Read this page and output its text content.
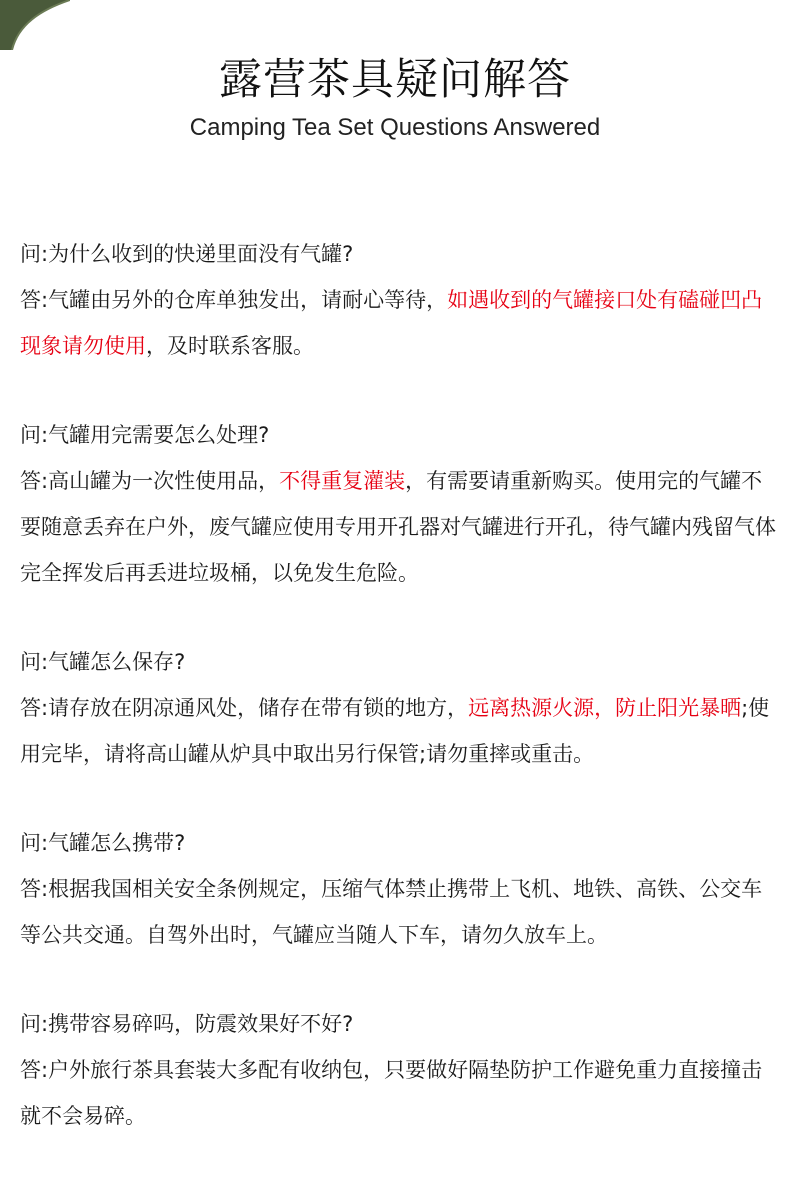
露营茶具疑问解答
Camping Tea Set Questions Answered

问:为什么收到的快递里面没有气罐?

答:气罐由另外的仓库单独发出，请耐心等待，如遇收到的气罐接口处有磕碰凹凸现象请勿使用，及时联系客服。

问:气罐用完需要怎么处理?

答:高山罐为一次性使用品，不得重复灌装，有需要请重新购买。使用完的气罐不要随意丢弃在户外，废气罐应使用专用开孔器对气罐进行开孔，待气罐内残留气体完全挥发后再丢进垃圾桶，以免发生危险。

问:气罐怎么保存?

答:请存放在阴凉通风处，储存在带有锁的地方，远离热源火源，防止阳光暴晒;使用完毕，请将高山罐从炉具中取出另行保管;请勿重摔或重击。

问:气罐怎么携带?

答:根据我国相关安全条例规定，压缩气体禁止携带上飞机、地铁、高铁、公交车等公共交通。自驾外出时，气罐应当随人下车，请勿久放车上。

问:携带容易碎吗，防震效果好不好?

答:户外旅行茶具套装大多配有收纳包，只要做好隔垫防护工作避免重力直接撞击就不会易碎。
